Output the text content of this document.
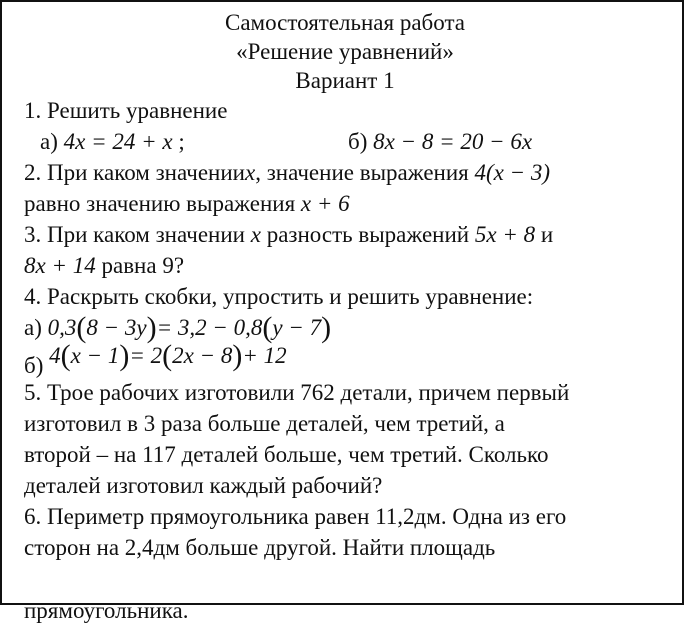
Самостоятельная работа
«Решение уравнений»
Вариант 1
1. Решить уравнение
а) 4x = 24 + x ;	б) 8x − 8 = 20 − 6x
2. При каком значенииx, значение выражения 4(x − 3)
равно значению выражения x + 6
3. При каком значении x разность выражений 5x + 8 и
8x + 14 равна 9?
4. Раскрыть скобки, упростить и решить уравнение:
а) 0,3(8 − 3y)= 3,2 − 0,8(y − 7)
б) 4(x − 1)= 2(2x − 8)+ 12
5. Трое рабочих изготовили 762 детали, причем первый
изготовил в 3 раза больше деталей, чем третий, а
второй – на 117 деталей больше, чем третий. Сколько
деталей изготовил каждый рабочий?
6. Периметр прямоугольника равен 11,2дм. Одна из его
сторон на 2,4дм больше другой. Найти площадь
прямоугольника.
